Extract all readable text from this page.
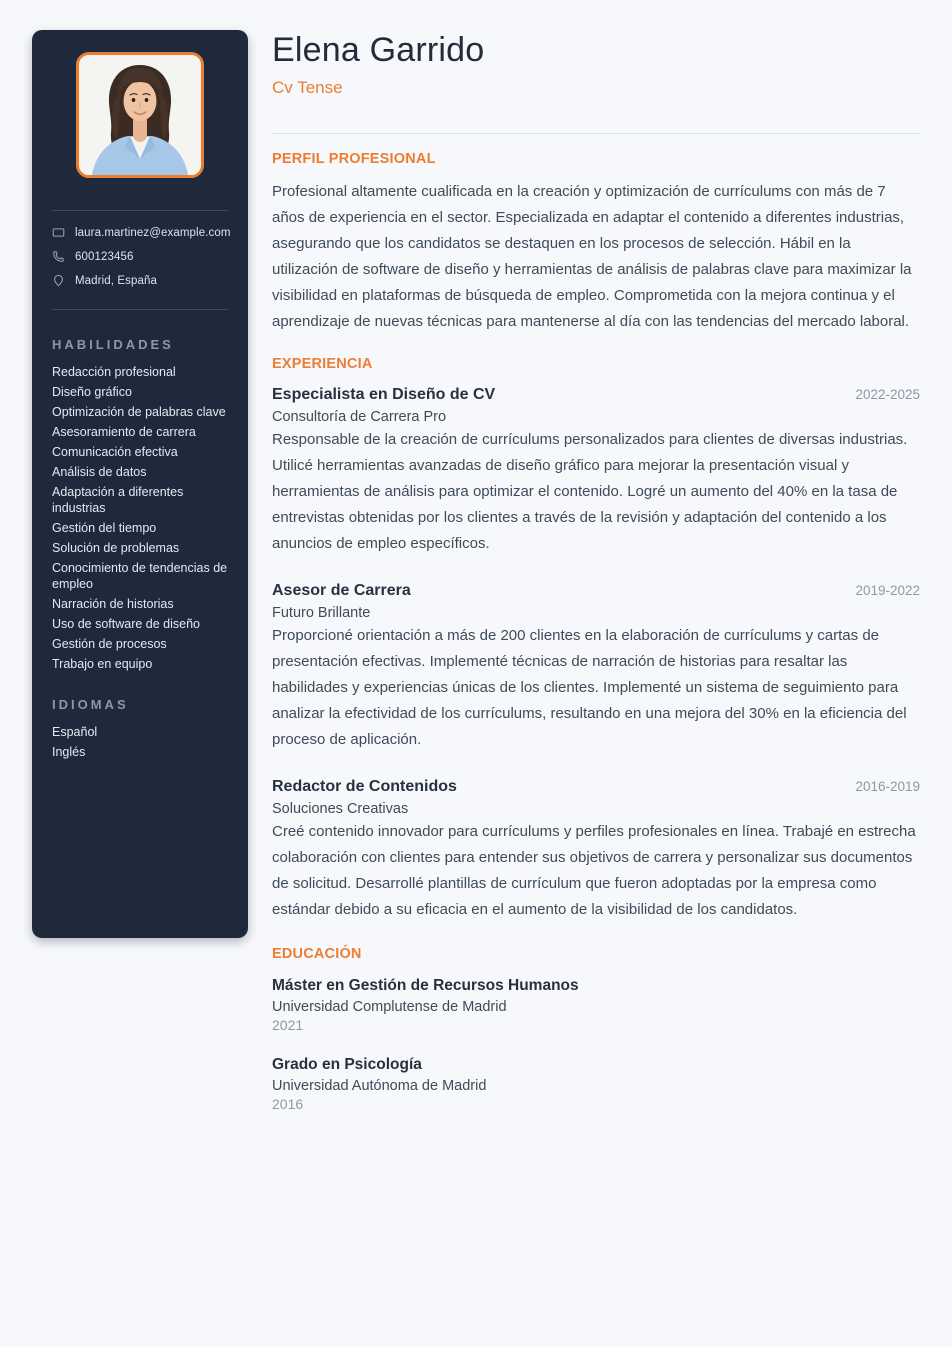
laura.martinez@example.com
600123456
Madrid, España
HABILIDADES
Redacción profesional
Diseño gráfico
Optimización de palabras clave
Asesoramiento de carrera
Comunicación efectiva
Análisis de datos
Adaptación a diferentes industrias
Gestión del tiempo
Solución de problemas
Conocimiento de tendencias de empleo
Narración de historias
Uso de software de diseño
Gestión de procesos
Trabajo en equipo
IDIOMAS
Español
Inglés
Elena Garrido
Cv Tense
PERFIL PROFESIONAL

Profesional altamente cualificada en la creación y optimización de currículums con más de 7 años de experiencia en el sector. Especializada en adaptar el contenido a diferentes industrias, asegurando que los candidatos se destaquen en los procesos de selección. Hábil en la utilización de software de diseño y herramientas de análisis de palabras clave para maximizar la visibilidad en plataformas de búsqueda de empleo. Comprometida con la mejora continua y el aprendizaje de nuevas técnicas para mantenerse al día con las tendencias del mercado laboral.

EXPERIENCIA
Especialista en Diseño de CV	2022-2025
Consultoría de Carrera Pro

Responsable de la creación de currículums personalizados para clientes de diversas industrias. Utilicé herramientas avanzadas de diseño gráfico para mejorar la presentación visual y herramientas de análisis para optimizar el contenido. Logré un aumento del 40% en la tasa de entrevistas obtenidas por los clientes a través de la revisión y adaptación del contenido a los anuncios de empleo específicos.

Asesor de Carrera	2019-2022
Futuro Brillante

Proporcioné orientación a más de 200 clientes en la elaboración de currículums y cartas de presentación efectivas. Implementé técnicas de narración de historias para resaltar las habilidades y experiencias únicas de los clientes. Implementé un sistema de seguimiento para analizar la efectividad de los currículums, resultando en una mejora del 30% en la eficiencia del proceso de aplicación.

Redactor de Contenidos	2016-2019
Soluciones Creativas

Creé contenido innovador para currículums y perfiles profesionales en línea. Trabajé en estrecha colaboración con clientes para entender sus objetivos de carrera y personalizar sus documentos de solicitud. Desarrollé plantillas de currículum que fueron adoptadas por la empresa como estándar debido a su eficacia en el aumento de la visibilidad de los candidatos.

EDUCACIÓN
Máster en Gestión de Recursos Humanos
Universidad Complutense de Madrid
2021
Grado en Psicología
Universidad Autónoma de Madrid
2016
